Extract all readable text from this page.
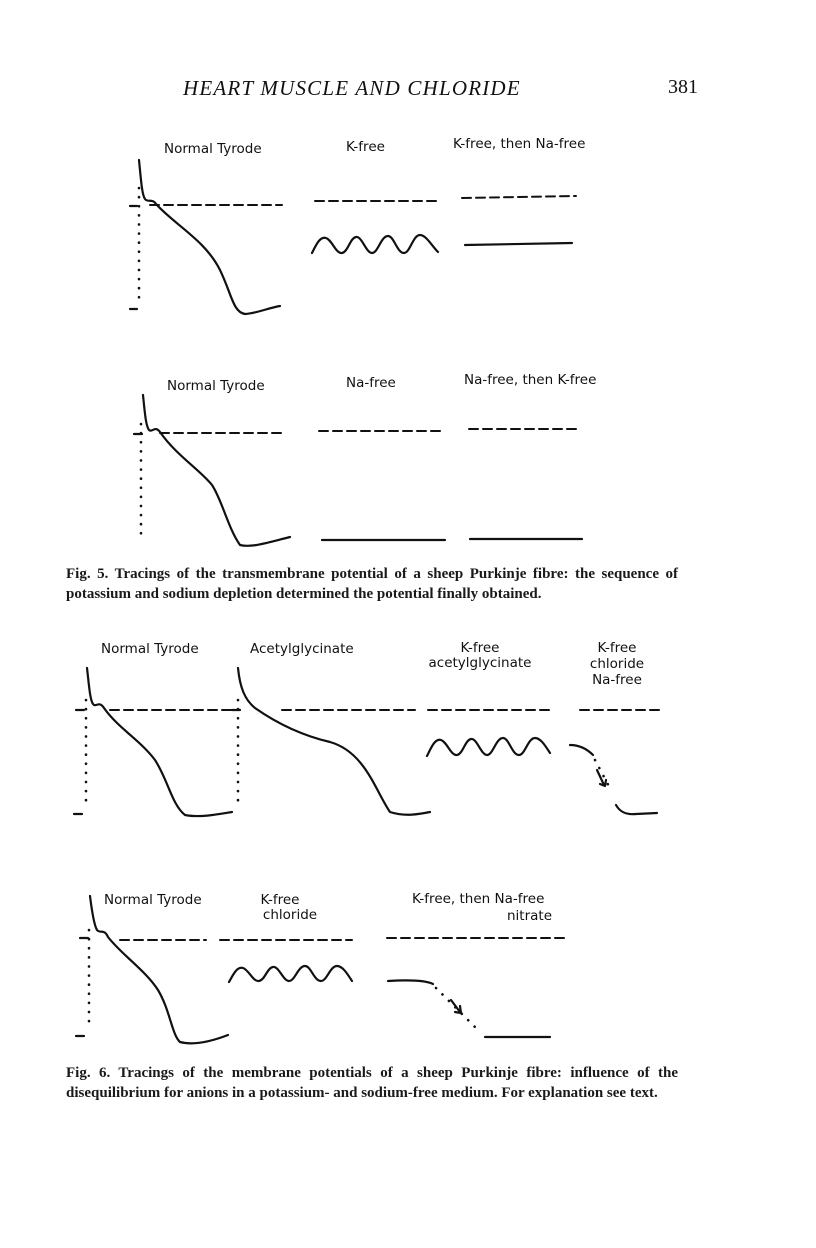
HEART MUSCLE AND CHLORIDE	381
Normal Tyrode	K-free	K-free, then Na-free
Normal Tyrode	Na-free	Na-free, then K-free
Fig. 5. Tracings of the transmembrane potential of a sheep Purkinje fibre: the sequence of potassium and sodium depletion determined the potential finally obtained.
Normal Tyrode	Acetylglycinate	K-free
acetylglycinate
K-free
chloride
Na-free
Normal Tyrode	K-free
chloride
K-free, then Na-free
nitrate
Fig. 6. Tracings of the membrane potentials of a sheep Purkinje fibre: influence of the disequilibrium for anions in a potassium- and sodium-free medium. For explanation see text.
